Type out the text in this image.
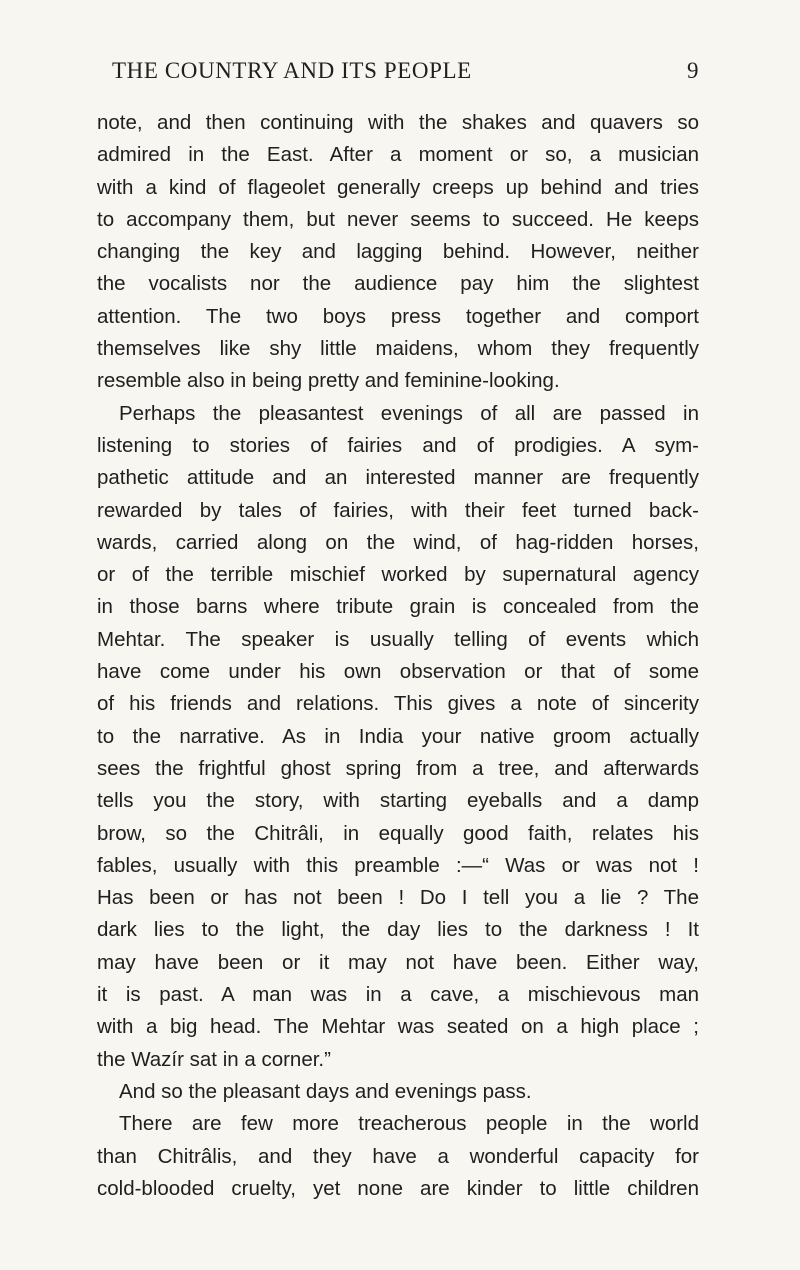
THE COUNTRY AND ITS PEOPLE	9
note, and then continuing with the shakes and quavers so
admired in the East. After a moment or so, a musician
with a kind of flageolet generally creeps up behind and tries
to accompany them, but never seems to succeed. He keeps
changing the key and lagging behind. However, neither
the vocalists nor the audience pay him the slightest
attention. The two boys press together and comport
themselves like shy little maidens, whom they frequently
resemble also in being pretty and feminine-looking.
Perhaps the pleasantest evenings of all are passed in
listening to stories of fairies and of prodigies. A sym-
pathetic attitude and an interested manner are frequently
rewarded by tales of fairies, with their feet turned back-
wards, carried along on the wind, of hag-ridden horses,
or of the terrible mischief worked by supernatural agency
in those barns where tribute grain is concealed from the
Mehtar. The speaker is usually telling of events which
have come under his own observation or that of some
of his friends and relations. This gives a note of sincerity
to the narrative. As in India your native groom actually
sees the frightful ghost spring from a tree, and afterwards
tells you the story, with starting eyeballs and a damp
brow, so the Chitrâli, in equally good faith, relates his
fables, usually with this preamble :—“ Was or was not !
Has been or has not been ! Do I tell you a lie ? The
dark lies to the light, the day lies to the darkness ! It
may have been or it may not have been. Either way,
it is past. A man was in a cave, a mischievous man
with a big head. The Mehtar was seated on a high place ;
the Wazír sat in a corner.”
And so the pleasant days and evenings pass.
There are few more treacherous people in the world
than Chitrâlis, and they have a wonderful capacity for
cold-blooded cruelty, yet none are kinder to little children
